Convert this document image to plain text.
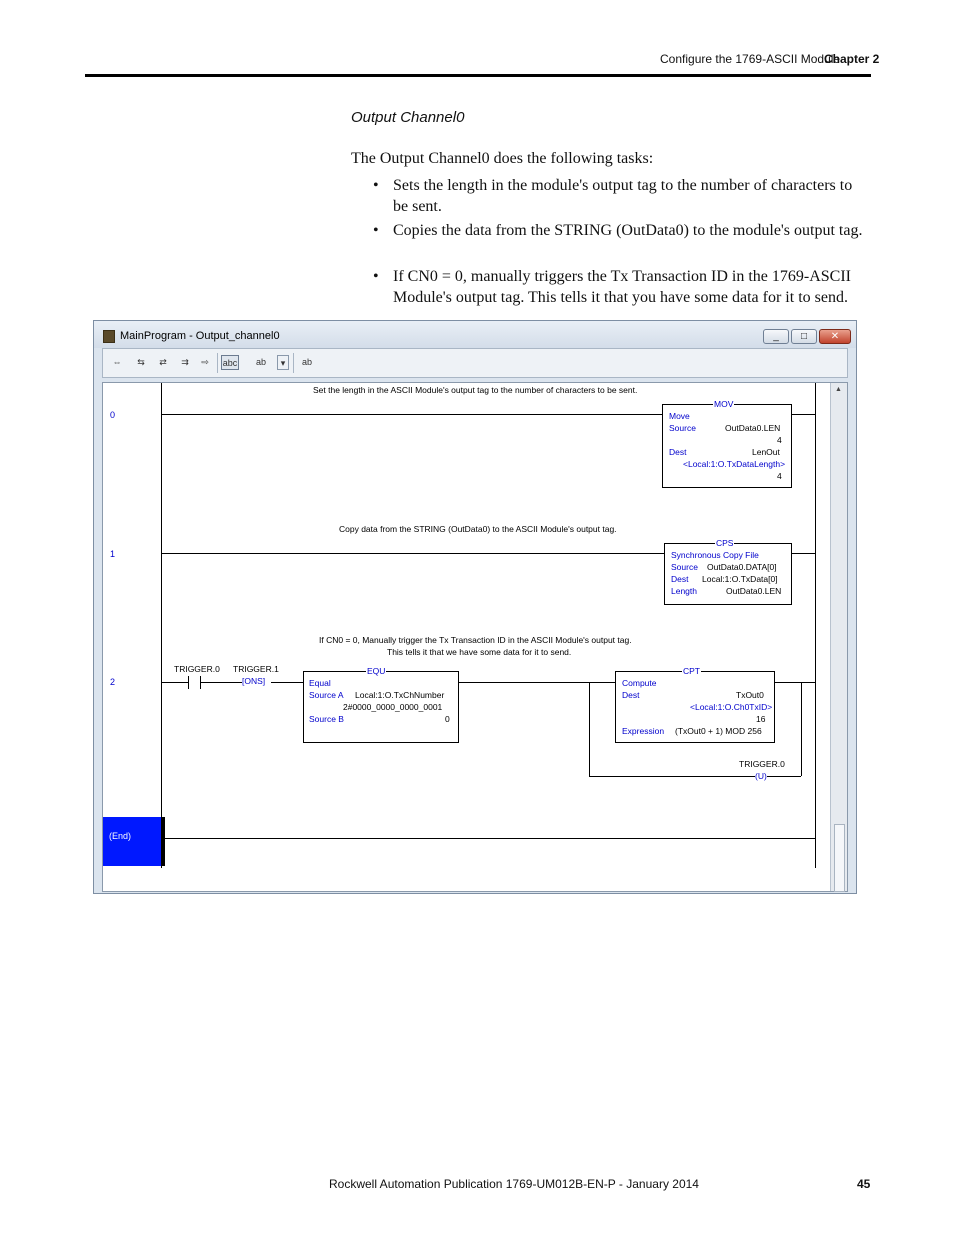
Configure the 1769-ASCII Module
Chapter 2
Output Channel0
The Output Channel0 does the following tasks:
• Sets the length in the module's output tag to the number of characters to be sent.
• Copies the data from the STRING (OutData0) to the module's output tag.
• If CN0 = 0, manually triggers the Tx Transaction ID in the 1769-ASCII Module's output tag. This tells it that you have some data for it to send.
MainProgram - Output_channel0	_	□	✕
⇔	⇆	⇄	⇉	⇨	abc	ab	▾	ab
0
Set the length in the ASCII Module's output tag to the number of characters to be sent.
MOV
Move
Source	OutData0.LEN
4
Dest	LenOut
<Local:1:O.TxDataLength>
4
1
Copy data from the STRING (OutData0) to the ASCII Module's output tag.
CPS
Synchronous Copy File
Source OutData0.DATA[0]
Dest Local:1:O.TxData[0]
Length	OutData0.LEN
2
If CN0 = 0, Manually trigger the Tx Transaction ID in the ASCII Module's output tag.
This tells it that we have some data for it to send.
TRIGGER.0 TRIGGER.1
[ONS]
EQU
Equal
Source A Local:1:O.TxChNumber
2#0000_0000_0000_0001
Source B	0
CPT
Compute
Dest	TxOut0
<Local:1:O.Ch0TxID>
16
Expression (TxOut0 + 1) MOD 256
TRIGGER.0
(U)
(End)
▲
Rockwell Automation Publication 1769-UM012B-EN-P - January 2014	45
